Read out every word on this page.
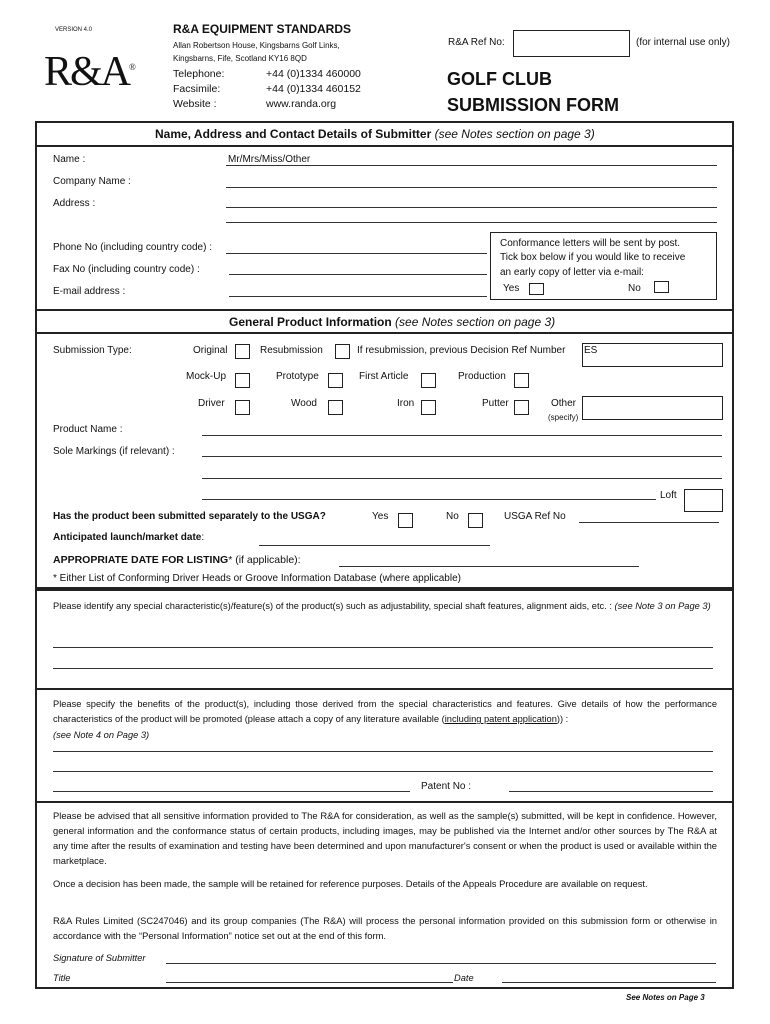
VERSION 4.0
R&A®
R&A EQUIPMENT STANDARDS
Allan Robertson House, Kingsbarns Golf Links,
Kingsbarns, Fife, Scotland KY16 8QD
Telephone:	+44 (0)1334 460000
Facsimile:	+44 (0)1334 460152
Website :	www.randa.org
R&A Ref No:	(for internal use only)
GOLF CLUB
SUBMISSION FORM
Name, Address and Contact Details of Submitter (see Notes section on page 3)
Name :	Mr/Mrs/Miss/Other
Company Name :
Address :
Phone No (including country code) :
Fax No (including country code) :
E-mail address :
Conformance letters will be sent by post.
Tick box below if you would like to receive
an early copy of letter via e-mail:
Yes	No
General Product Information (see Notes section on page 3)
Submission Type:	Original	Resubmission	If resubmission, previous Decision Ref Number ES
Mock-Up	Prototype	First Article	Production
Driver	Wood	Iron	Putter	Other
(specify)
Product Name :
Sole Markings (if relevant) :
Loft
Has the product been submitted separately to the USGA?	Yes	No	USGA Ref No
Anticipated launch/market date:
APPROPRIATE DATE FOR LISTING* (if applicable):
* Either List of Conforming Driver Heads or Groove Information Database (where applicable)
Please identify any special characteristic(s)/feature(s) of the product(s) such as adjustability, special shaft features, alignment aids, etc. : (see Note 3 on Page 3)
Please specify the benefits of the product(s), including those derived from the special characteristics and features. Give details of how the performance characteristics of the product will be promoted (please attach a copy of any literature available (including patent application)) :
(see Note 4 on Page 3)
Patent No :
Please be advised that all sensitive information provided to The R&A for consideration, as well as the sample(s) submitted, will be kept in confidence. However, general information and the conformance status of certain products, including images, may be published via the Internet and/or other sources by The R&A at any time after the results of examination and testing have been determined and upon manufacturer's consent or when the product is used or available within the marketplace.
Once a decision has been made, the sample will be retained for reference purposes. Details of the Appeals Procedure are available on request.
R&A Rules Limited (SC247046) and its group companies (The R&A) will process the personal information provided on this submission form or otherwise in accordance with the “Personal Information” notice set out at the end of this form.
Signature of Submitter
Title	Date
See Notes on Page 3
